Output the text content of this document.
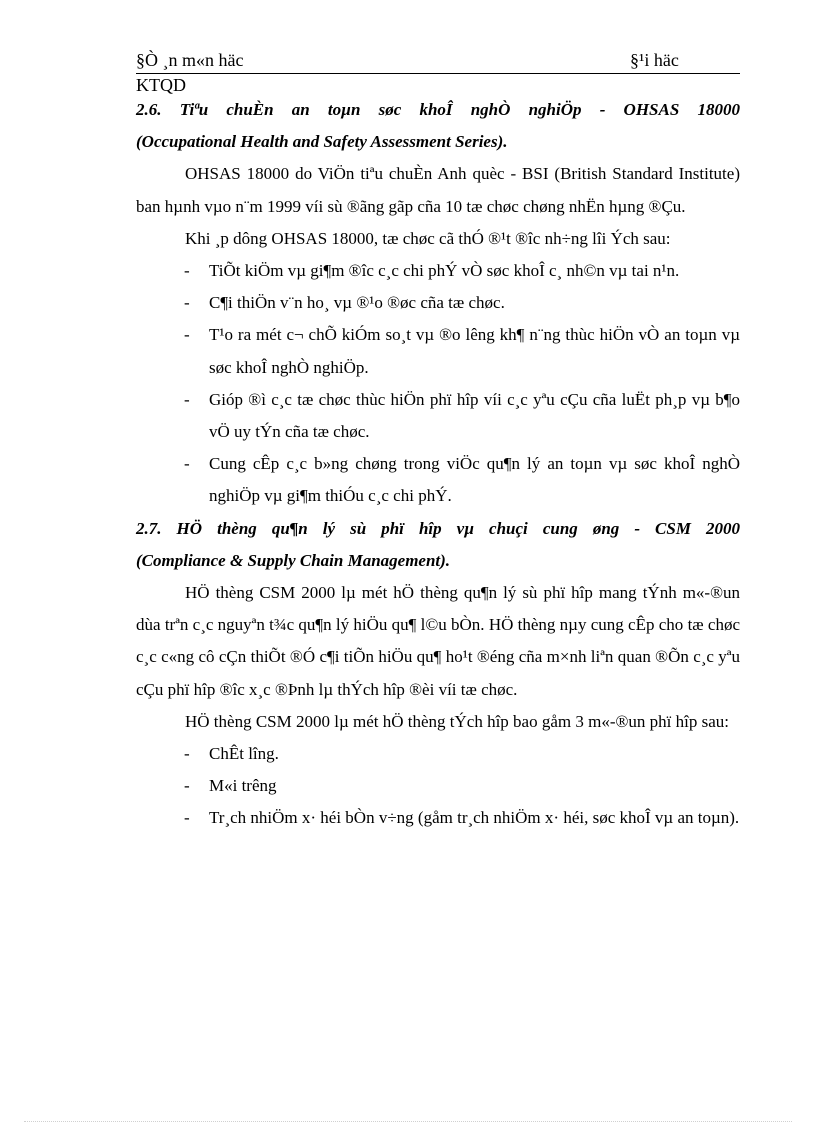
§Ò ¸n m«n häc	§¹i häc
KTQD

2.6. Tiªu chuÈn an toµn søc khoÎ nghÒ nghiÖp - OHSAS 18000

(Occupational Health and Safety Assessment Series).

OHSAS 18000 do ViÖn tiªu chuÈn Anh quèc - BSI (British Standard Institute) ban hµnh vµo n¨m 1999 víi sù ®ãng gãp cña 10 tæ chøc chøng nhËn hµng ®Çu.

Khi ¸p dông OHSAS 18000, tæ chøc cã thÓ ®¹t ®îc nh÷ng lîi Ých sau:

- TiÕt kiÖm vµ gi¶m ®îc c¸c chi phÝ vÒ søc khoÎ c¸ nh©n vµ tai n¹n.
- C¶i thiÖn v¨n ho¸ vµ ®¹o ®øc cña tæ chøc.
- T¹o ra mét c¬ chÕ kiÓm so¸t vµ ®o lêng kh¶ n¨ng thùc hiÖn vÒ an toµn vµ søc khoÎ nghÒ nghiÖp.
- Gióp ®ì c¸c tæ chøc thùc hiÖn phï hîp víi c¸c yªu cÇu cña luËt ph¸p vµ b¶o vÖ uy tÝn cña tæ chøc.
- Cung cÊp c¸c b»ng chøng trong viÖc qu¶n lý an toµn vµ søc khoÎ nghÒ nghiÖp vµ gi¶m thiÓu c¸c chi phÝ.

2.7. HÖ thèng qu¶n lý sù phï hîp vµ chuçi cung øng - CSM 2000

(Compliance & Supply Chain Management).

HÖ thèng CSM 2000 lµ mét hÖ thèng qu¶n lý sù phï hîp mang tÝnh m«-®un dùa trªn c¸c nguyªn t¾c qu¶n lý hiÖu qu¶ l©u bÒn. HÖ thèng nµy cung cÊp cho tæ chøc c¸c c«ng cô cÇn thiÕt ®Ó c¶i tiÕn hiÖu qu¶ ho¹t ®éng cña m×nh liªn quan ®Õn c¸c yªu cÇu phï hîp ®îc x¸c ®Þnh lµ thÝch hîp ®èi víi tæ chøc.

HÖ thèng CSM 2000 lµ mét hÖ thèng tÝch hîp bao gåm 3 m«-®un phï hîp sau:

- ChÊt lîng.
- M«i trêng
- Tr¸ch nhiÖm x· héi bÒn v÷ng (gåm tr¸ch nhiÖm x· héi, søc khoÎ vµ an toµn).
